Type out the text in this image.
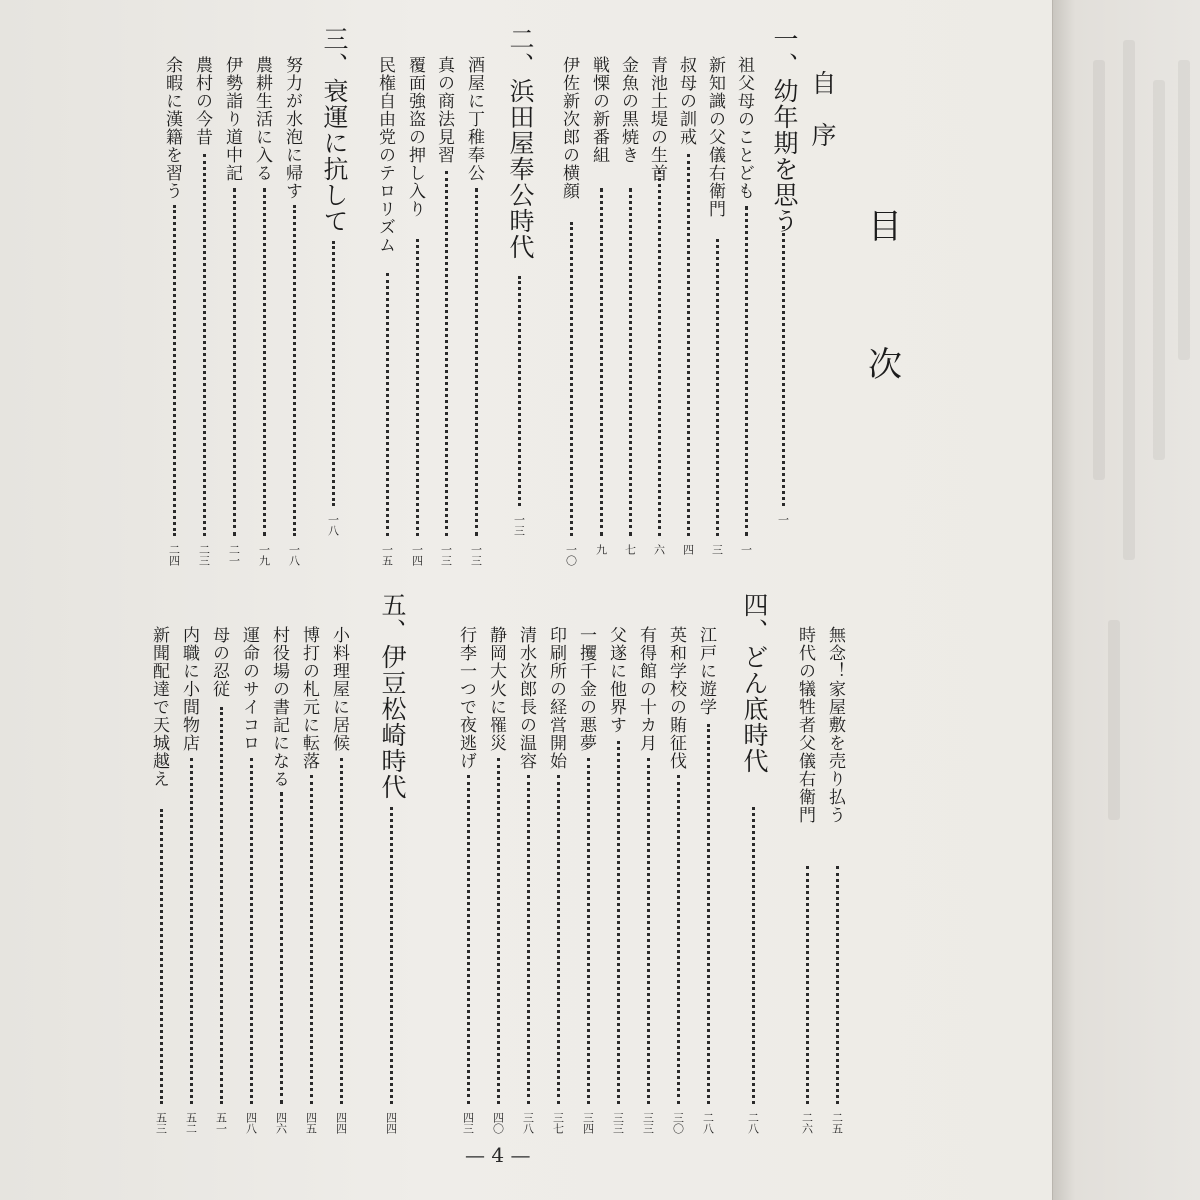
目
次
自　序
一、幼年期を思う
一
祖父母のことども
一
新知識の父儀右衛門
三
叔母の訓戒
四
青池土堤の生首
六
金魚の黒焼き
七
戦慄の新番組
九
伊佐新次郎の横顔
一〇
二、浜田屋奉公時代
一三
酒屋に丁稚奉公
一三
真の商法見習
一三
覆面強盗の押し入り
一四
民権自由党のテロリズム
一五
三、衰運に抗して
一八
努力が水泡に帰す
一八
農耕生活に入る
一九
伊勢詣り道中記
二一
農村の今昔
二三
余暇に漢籍を習う
二四
無念！家屋敷を売り払う
二五
時代の犠牲者父儀右衛門
二六
四、どん底時代
二八
江戸に遊学
二八
英和学校の賄征伐
三〇
有得館の十カ月
三三
父遂に他界す
三三
一攫千金の悪夢
三四
印刷所の経営開始
三七
清水次郎長の温容
三八
静岡大火に罹災
四〇
行李一つで夜逃げ
四三
五、伊豆松崎時代
四四
小料理屋に居候
四四
博打の札元に転落
四五
村役場の書記になる
四六
運命のサイコロ
四八
母の忍従
五一
内職に小間物店
五二
新聞配達で天城越え
五三
— 4 —
